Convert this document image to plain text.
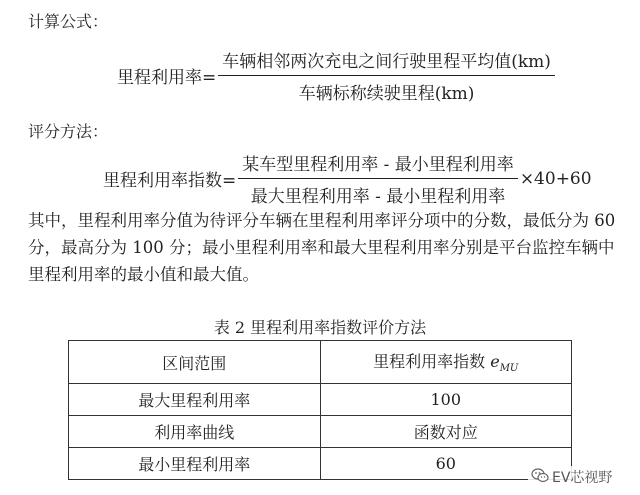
计算公式：
里程利用率= $\frac{\text{车辆相邻两次充电之间行驶里程平均值(km)}}{\text{车辆标称续驶里程(km)}}$
评分方法：
里程利用率指数= $\frac{\text{某车型里程利用率 - 最小里程利用率}}{\text{最大里程利用率 - 最小里程利用率}} \times 40+60$
其中，里程利用率分值为待评分车辆在里程利用率评分项中的分数，最低分为 60
分，最高分为 100 分；最小里程利用率和最大里程利用率分别是平台监控车辆中
里程利用率的最小值和最大值。
表 2 里程利用率指数评价方法
区间范围	里程利用率指数 $e_{MU}$
最大里程利用率	100
利用率曲线	函数对应
最小里程利用率	60
EV芯视野
